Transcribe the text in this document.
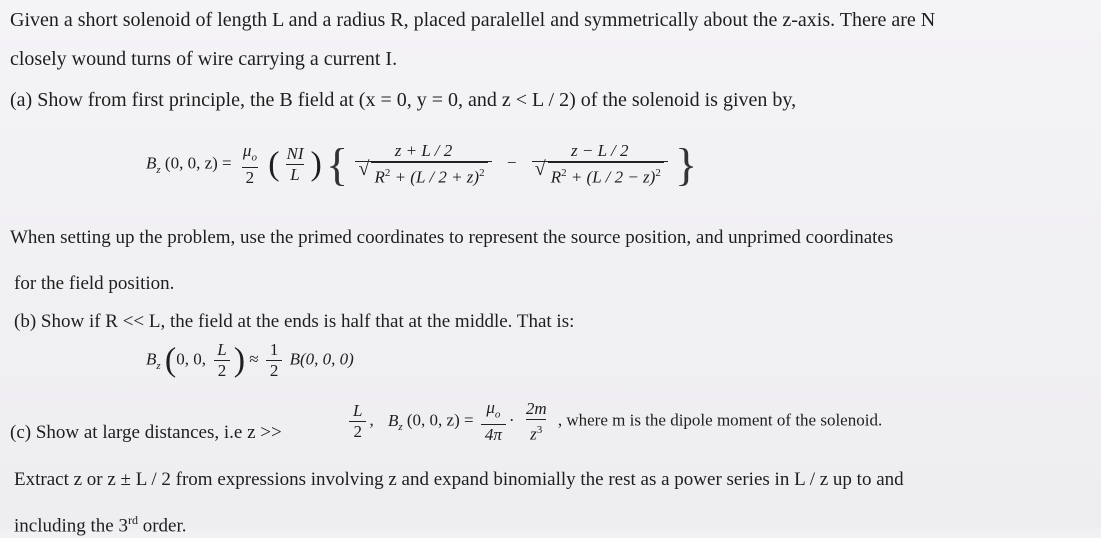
Given a short solenoid of length L and a radius R, placed paralellel and symmetrically about the z-axis. There are N
closely wound turns of wire carrying a current I.
(a) Show from first principle, the B field at (x = 0, y = 0, and z < L / 2) of the solenoid is given by,
$B_z$ (0, 0, $z) = \frac{\mu_o}{2}$ ( $\frac{NI}{L}$ ) { z + L / 2
√ $R^2 + (L / 2 + z)^2 - z - L / 2$
√ $R^2 + (L / 2 - z)^2$ }
When setting up the problem, use the primed coordinates to represent the source position, and unprimed coordinates
for the field position.
(b) Show if R << L, the field at the ends is half that at the middle. That is:
$B_z$ (0, 0, $\frac{L}{2}$ ) ≈ $\frac{1}{2} B(0$, 0, 0)
(c) Show at large distances, i.e z >>	$\frac{L}{2}$ , $B_z$ (0, 0, $z) = \frac{\mu_o}{4\pi} \cdot \frac{2m}{z^3}$ , where m is the dipole moment of the solenoid.
Extract z or z ± L / 2 from expressions involving z and expand binomially the rest as a power series in L / z up to and
including the 3rd order.
